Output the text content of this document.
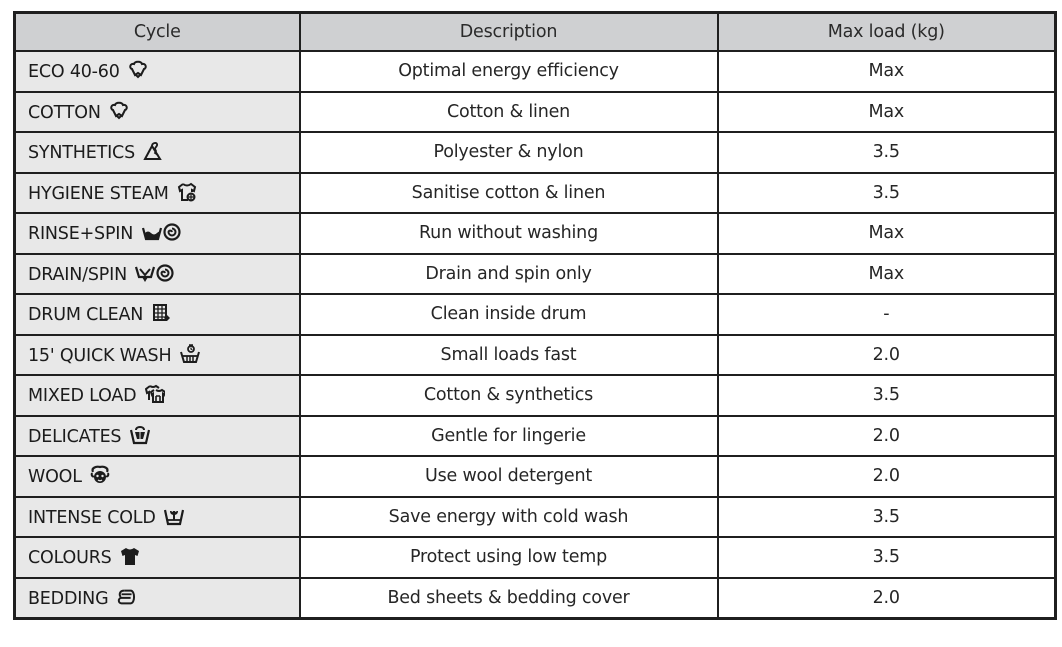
Cycle	Description	Max load (kg)
ECO 40-60	Optimal energy efficiency	Max
COTTON	Cotton & linen	Max
SYNTHETICS	Polyester & nylon	3.5
HYGIENE STEAM	Sanitise cotton & linen	3.5
RINSE+SPIN	Run without washing	Max
DRAIN/SPIN	Drain and spin only	Max
DRUM CLEAN	Clean inside drum	-
15' QUICK WASH	Small loads fast	2.0
MIXED LOAD	Cotton & synthetics	3.5
DELICATES	Gentle for lingerie	2.0
WOOL	Use wool detergent	2.0
INTENSE COLD	Save energy with cold wash	3.5
COLOURS	Protect using low temp	3.5
BEDDING	Bed sheets & bedding cover	2.0
